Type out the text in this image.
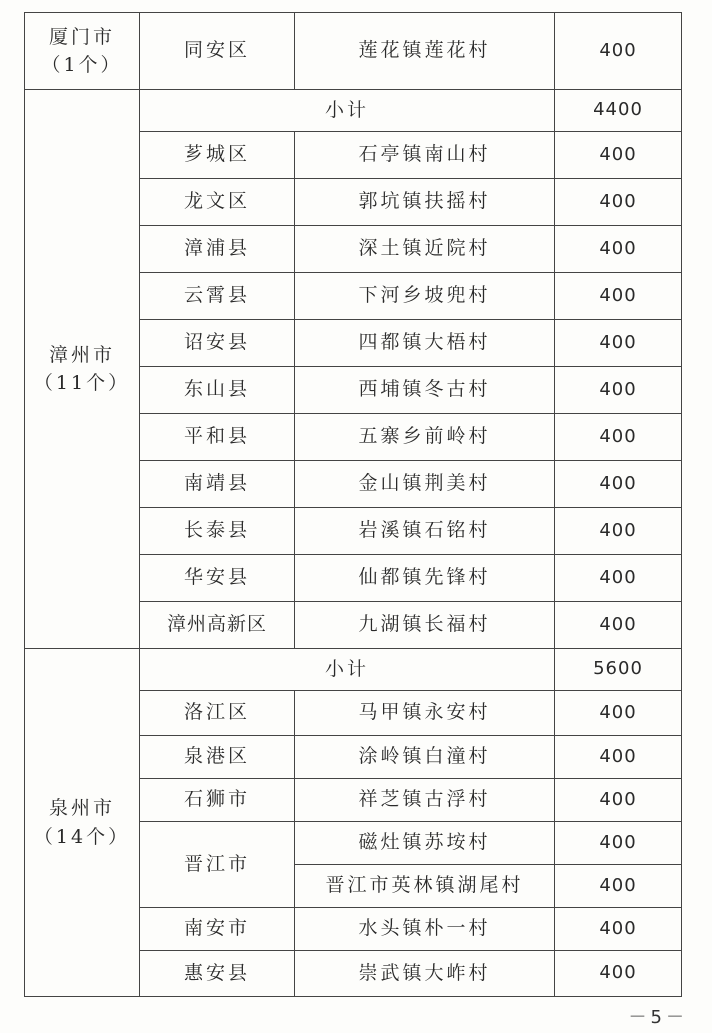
厦门市
（1个）	同安区	莲花镇莲花村	400
漳州市
（11个）	小计		4400
	芗城区	石亭镇南山村	400
	龙文区	郭坑镇扶摇村	400
	漳浦县	深土镇近院村	400
	云霄县	下河乡坡兜村	400
	诏安县	四都镇大梧村	400
	东山县	西埔镇冬古村	400
	平和县	五寨乡前岭村	400
	南靖县	金山镇荆美村	400
	长泰县	岩溪镇石铭村	400
	华安县	仙都镇先锋村	400
	漳州高新区	九湖镇长福村	400
泉州市
（14个）	小计		5600
	洛江区	马甲镇永安村	400
	泉港区	涂岭镇白潼村	400
	石狮市	祥芝镇古浮村	400
	晋江市	磁灶镇苏垵村	400
		晋江市英林镇湖尾村	400
	南安市	水头镇朴一村	400
	惠安县	崇武镇大岞村	400
－5－
